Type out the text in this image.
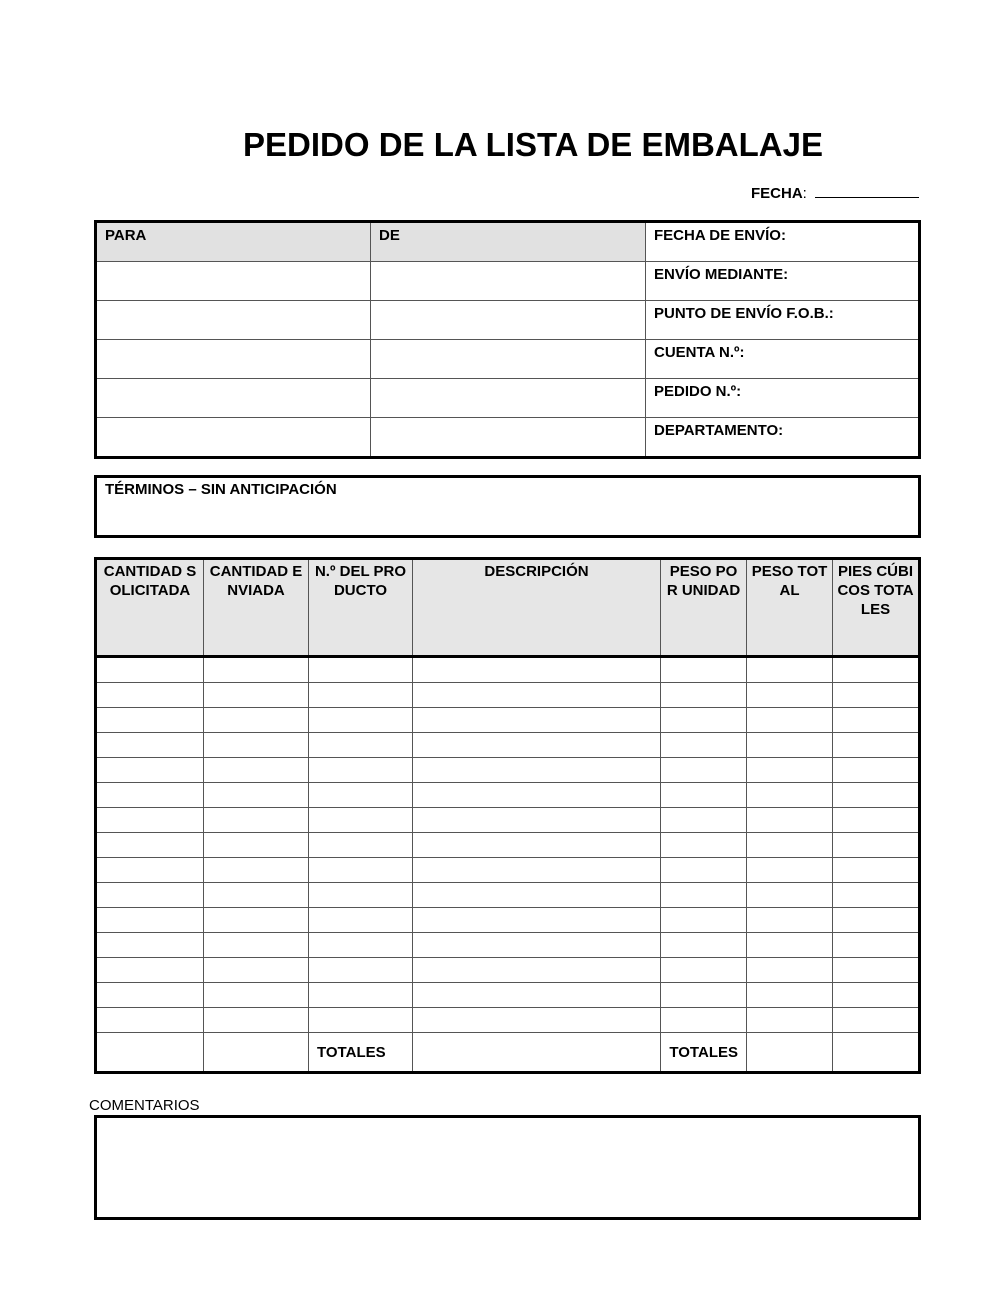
PEDIDO DE LA LISTA DE EMBALAJE
FECHA:
PARA	DE	FECHA DE ENVÍO:
		ENVÍO MEDIANTE:
		PUNTO DE ENVÍO F.O.B.:
		CUENTA N.º:
		PEDIDO N.º:
		DEPARTAMENTO:
TÉRMINOS – SIN ANTICIPACIÓN
CANTIDAD SOLICITADA	CANTIDAD ENVIADA	N.º DEL PRODUCTO	DESCRIPCIÓN	PESO POR UNIDAD	PESO TOTAL	PIES CÚBICOS TOTALES

		TOTALES		TOTALES		
COMENTARIOS
